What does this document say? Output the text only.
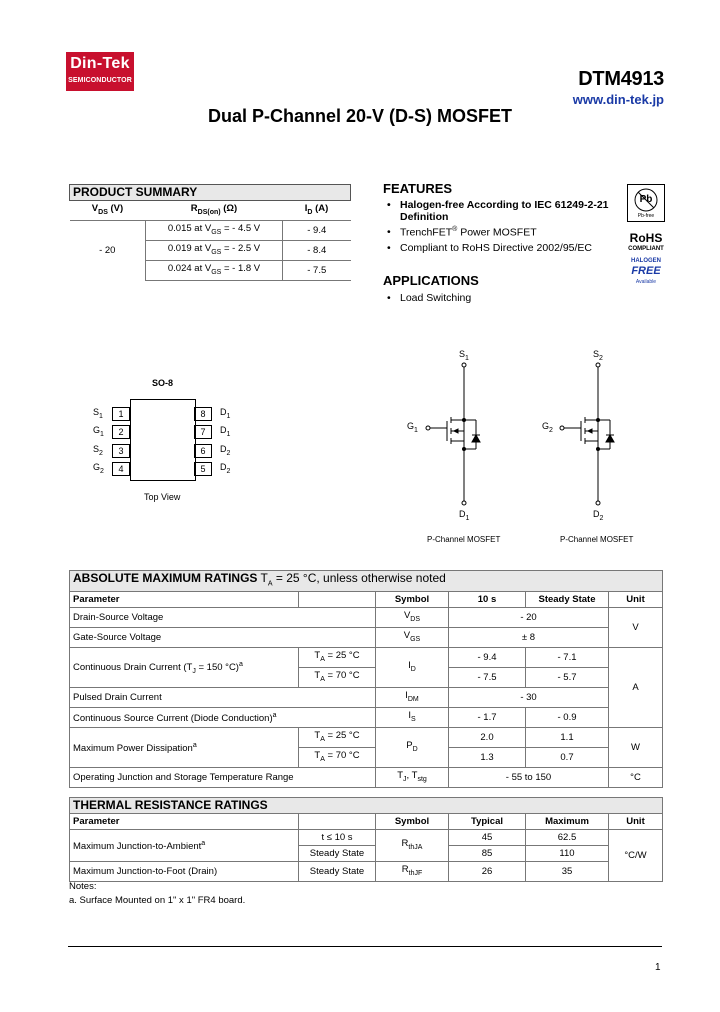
Din-Tek
SEMICONDUCTOR	DTM4913
www.din-tek.jp
Dual P-Channel 20-V (D-S) MOSFET
PRODUCT SUMMARY		
$V_{DS}$ (V)	$R_{DS(on)}$ (Ω)	$I_D$ (A)
- 20	0.015 at $V_{GS}$ = - 4.5 V	- 9.4
	0.019 at $V_{GS}$ = - 2.5 V	- 8.4
	0.024 at $V_{GS}$ = - 1.8 V	- 7.5
FEATURES
• Halogen-free According to IEC 61249-2-21
Definition
• TrenchFET® Power MOSFET
• Compliant to RoHS Directive 2002/95/EC
Pb
Pb-free
RoHS
COMPLIANT
HALOGEN
FREE
Available
APPLICATIONS
• Load Switching
SO-8
$S_1$	1
$G_1$	2
$S_2$	3
$G_2$	4
8	$D_1$
7	$D_1$
6	$D_2$
5	$D_2$
Top View
$S_1$
$G_1$
$D_1$
P-Channel MOSFET
$S_2$
$G_2$
$D_2$
P-Channel MOSFET
ABSOLUTE MAXIMUM RATINGS $T_A = 25$ °C, unless otherwise noted					
Parameter		Symbol	10 s	Steady State	Unit
Drain-Source Voltage		$V_{DS}$	- 20		V
Gate-Source Voltage		$V_{GS}$	± 8		
Continuous Drain Current ($T_J = 150$ °C)$^a$	$T_A = 25$ °C	$I_D$	- 9.4	- 7.1	A
	$T_A = 70$ °C		- 7.5	- 5.7	
Pulsed Drain Current		$I_{DM}$	- 30		
Continuous Source Current (Diode Conduction)$^a$		$I_S$	- 1.7	- 0.9	
Maximum Power Dissipation$^a$	$T_A = 25$ °C	$P_D$	2.0	1.1	W
	$T_A = 70$ °C		1.3	0.7	
Operating Junction and Storage Temperature Range		$T_J$, $T_{stg}$	- 55 to 150		°C
THERMAL RESISTANCE RATINGS					
Parameter		Symbol	Typical	Maximum	Unit
Maximum Junction-to-Ambient$^a$	t ≤ 10 s	$R_{thJA}$	45	62.5	°C/W
	Steady State		85	110	
Maximum Junction-to-Foot (Drain)	Steady State	$R_{thJF}$	26	35	
Notes:
a. Surface Mounted on 1" x 1" FR4 board.
1
